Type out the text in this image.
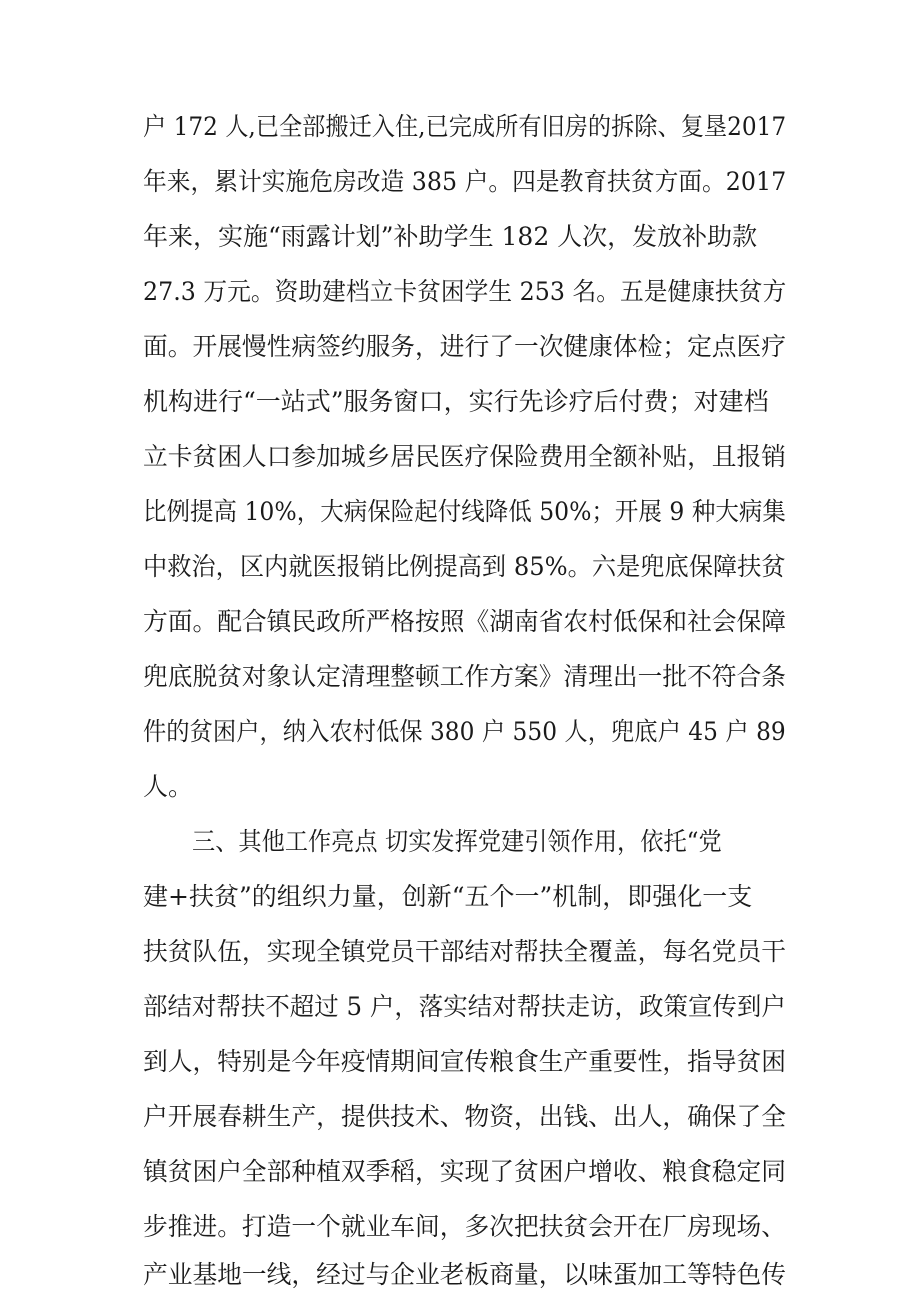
户 172 人,已全部搬迁入住,已完成所有旧房的拆除、复垦2017
年来，累计实施危房改造 385 户。四是教育扶贫方面。2017
年来，实施“雨露计划”补助学生 182 人次，发放补助款
27.3 万元。资助建档立卡贫困学生 253 名。五是健康扶贫方
面。开展慢性病签约服务，进行了一次健康体检；定点医疗
机构进行“一站式”服务窗口，实行先诊疗后付费；对建档
立卡贫困人口参加城乡居民医疗保险费用全额补贴，且报销
比例提高 10%，大病保险起付线降低 50%；开展 9 种大病集
中救治，区内就医报销比例提高到 85%。六是兜底保障扶贫
方面。配合镇民政所严格按照《湖南省农村低保和社会保障
兜底脱贫对象认定清理整顿工作方案》清理出一批不符合条
件的贫困户，纳入农村低保 380 户 550 人，兜底户 45 户 89
人。
三、其他工作亮点 切实发挥党建引领作用，依托“党
建+扶贫”的组织力量，创新“五个一”机制，即强化一支
扶贫队伍，实现全镇党员干部结对帮扶全覆盖，每名党员干
部结对帮扶不超过 5 户，落实结对帮扶走访，政策宣传到户
到人，特别是今年疫情期间宣传粮食生产重要性，指导贫困
户开展春耕生产，提供技术、物资，出钱、出人，确保了全
镇贫困户全部种植双季稻，实现了贫困户增收、粮食稳定同
步推进。打造一个就业车间，多次把扶贫会开在厂房现场、
产业基地一线，经过与企业老板商量，以味蛋加工等特色传
